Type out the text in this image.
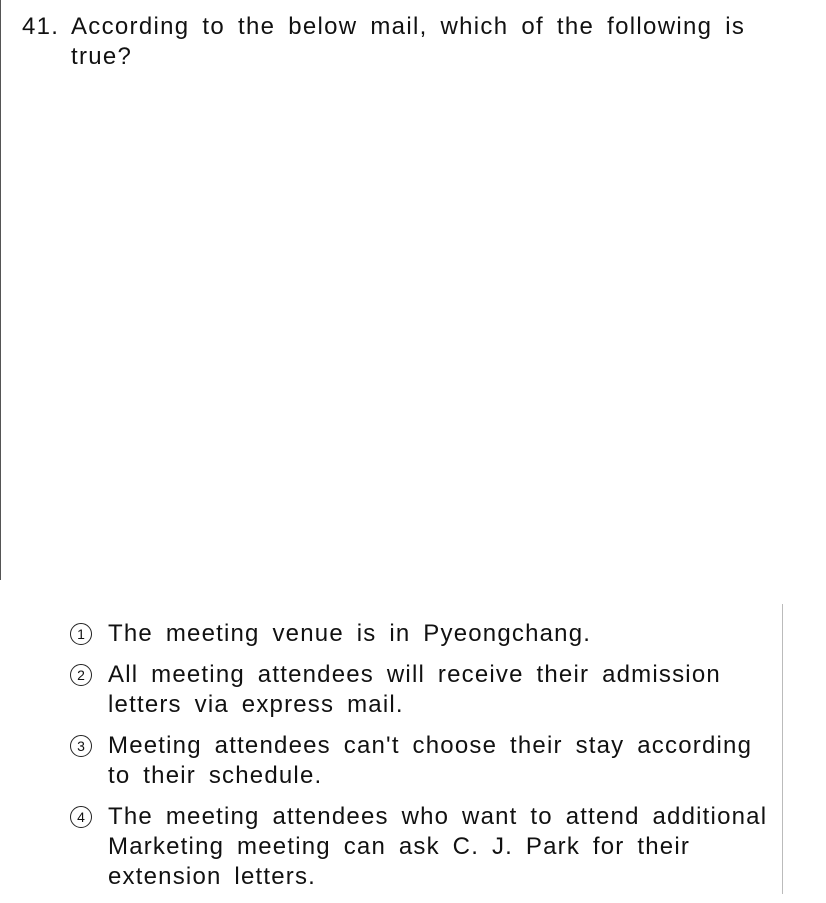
41. According to the below mail, which of the following is true?
1 The meeting venue is in Pyeongchang.
2 All meeting attendees will receive their admission letters via express mail.
3 Meeting attendees can't choose their stay according to their schedule.
4 The meeting attendees who want to attend additional Marketing meeting can ask C. J. Park for their extension letters.
